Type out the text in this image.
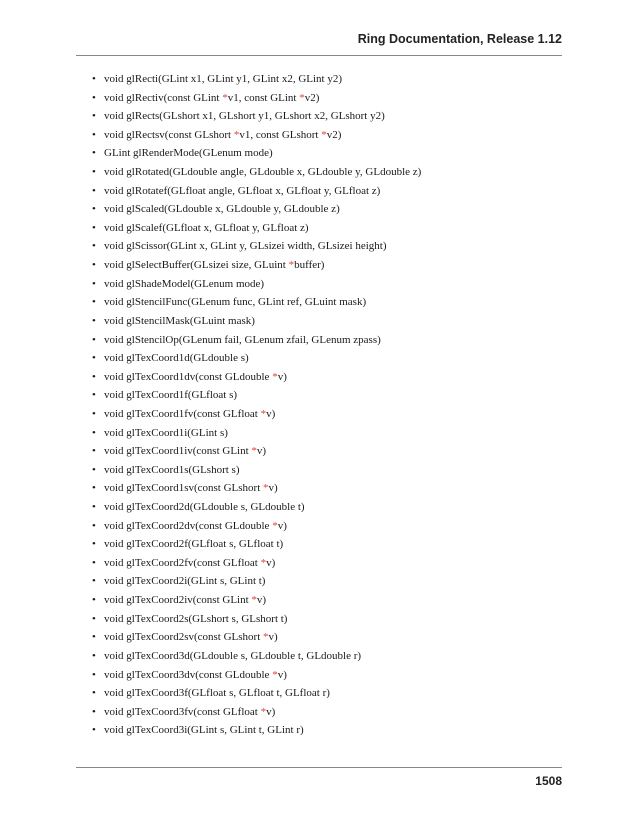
Ring Documentation, Release 1.12
• void glRecti(GLint x1, GLint y1, GLint x2, GLint y2)
• void glRectiv(const GLint *v1, const GLint *v2)
• void glRects(GLshort x1, GLshort y1, GLshort x2, GLshort y2)
• void glRectsv(const GLshort *v1, const GLshort *v2)
• GLint glRenderMode(GLenum mode)
• void glRotated(GLdouble angle, GLdouble x, GLdouble y, GLdouble z)
• void glRotatef(GLfloat angle, GLfloat x, GLfloat y, GLfloat z)
• void glScaled(GLdouble x, GLdouble y, GLdouble z)
• void glScalef(GLfloat x, GLfloat y, GLfloat z)
• void glScissor(GLint x, GLint y, GLsizei width, GLsizei height)
• void glSelectBuffer(GLsizei size, GLuint *buffer)
• void glShadeModel(GLenum mode)
• void glStencilFunc(GLenum func, GLint ref, GLuint mask)
• void glStencilMask(GLuint mask)
• void glStencilOp(GLenum fail, GLenum zfail, GLenum zpass)
• void glTexCoord1d(GLdouble s)
• void glTexCoord1dv(const GLdouble *v)
• void glTexCoord1f(GLfloat s)
• void glTexCoord1fv(const GLfloat *v)
• void glTexCoord1i(GLint s)
• void glTexCoord1iv(const GLint *v)
• void glTexCoord1s(GLshort s)
• void glTexCoord1sv(const GLshort *v)
• void glTexCoord2d(GLdouble s, GLdouble t)
• void glTexCoord2dv(const GLdouble *v)
• void glTexCoord2f(GLfloat s, GLfloat t)
• void glTexCoord2fv(const GLfloat *v)
• void glTexCoord2i(GLint s, GLint t)
• void glTexCoord2iv(const GLint *v)
• void glTexCoord2s(GLshort s, GLshort t)
• void glTexCoord2sv(const GLshort *v)
• void glTexCoord3d(GLdouble s, GLdouble t, GLdouble r)
• void glTexCoord3dv(const GLdouble *v)
• void glTexCoord3f(GLfloat s, GLfloat t, GLfloat r)
• void glTexCoord3fv(const GLfloat *v)
• void glTexCoord3i(GLint s, GLint t, GLint r)
1508
